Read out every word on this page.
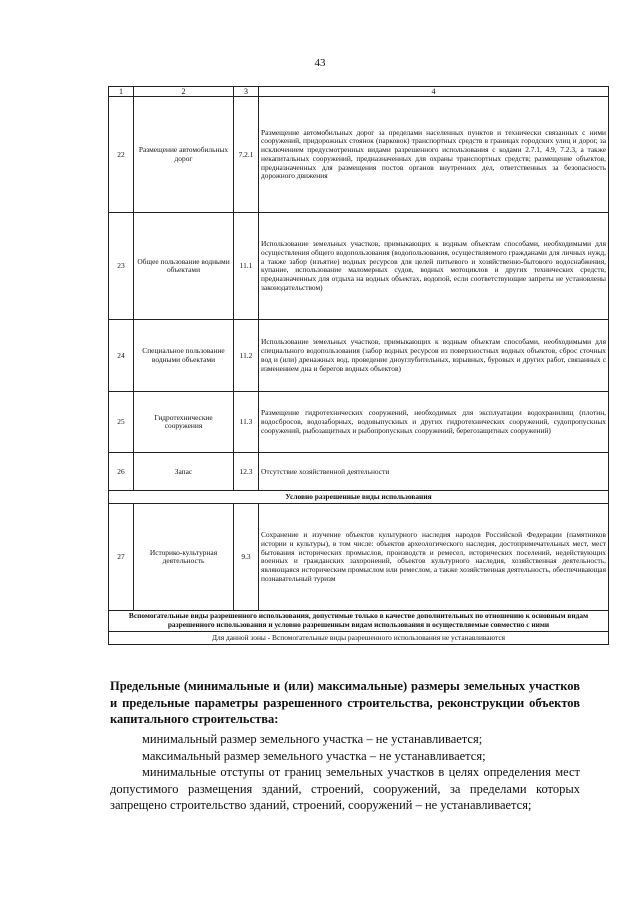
43
1	2	3	4
22	Размещение автомобильных дорог	7.2.1	Размещение автомобильных дорог за пределами населенных пунктов и технически связанных с ними сооружений, придорожных стоянок (парковок) транспортных средств в границах городских улиц и дорог, за исключением предусмотренных видами разрешенного использования с кодами 2.7.1, 4.9, 7.2.3, а также некапитальных сооружений, предназначенных для охраны транспортных средств; размещение объектов, предназначенных для размещения постов органов внутренних дел, ответственных за безопасность дорожного движения
23	Общее пользование водными объектами	11.1	Использование земельных участков, примыкающих к водным объектам способами, необходимыми для осуществления общего водопользования (водопользования, осуществляемого гражданами для личных нужд, а также забор (изъятие) водных ресурсов для целей питьевого и хозяйственно-бытового водоснабжения, купание, использование маломерных судов, водных мотоциклов и других технических средств, предназначенных для отдыха на водных объектах, водопой, если соответствующие запреты не установлены законодательством)
24	Специальное пользование водными объектами	11.2	Использование земельных участков, примыкающих к водным объектам способами, необходимыми для специального водопользования (забор водных ресурсов из поверхностных водных объектов, сброс сточных вод и (или) дренажных вод, проведение дноуглубительных, взрывных, буровых и других работ, связанных с изменением дна и берегов водных объектов)
25	Гидротехнические сооружения	11.3	Размещение гидротехнических сооружений, необходимых для эксплуатации водохранилищ (плотин, водосбросов, водозаборных, водовыпускных и других гидротехнических сооружений, судопропускных сооружений, рыбозащитных и рыбопропускных сооружений, берегозащитных сооружений)
26	Запас	12.3	Отсутствие хозяйственной деятельности
Условно разрешенные виды использования			
27	Историко-культурная деятельность	9.3	Сохранение и изучение объектов культурного наследия народов Российской Федерации (памятников истории и культуры), в том числе: объектов археологического наследия, достопримечательных мест, мест бытования исторических промыслов, производств и ремесел, исторических поселений, недействующих военных и гражданских захоронений, объектов культурного наследия, хозяйственная деятельность, являющаяся историческим промыслом или ремеслом, а также хозяйственная деятельность, обеспечивающая познавательный туризм
Вспомогательные виды разрешенного использования, допустимые только в качестве дополнительных по отношению к основным видам разрешенного использования и условно разрешенным видам использования и осуществляемые совместно с ними			
Для данной зоны - Вспомогательные виды разрешенного использования не устанавливаются			
Предельные (минимальные и (или) максимальные) размеры земельных участков и предельные параметры разрешенного строительства, реконструкции объектов капитального строительства:

минимальный размер земельного участка – не устанавливается;

максимальный размер земельного участка – не устанавливается;

минимальные отступы от границ земельных участков в целях определения мест допустимого размещения зданий, строений, сооружений, за пределами которых запрещено строительство зданий, строений, сооружений – не устанавливается;
